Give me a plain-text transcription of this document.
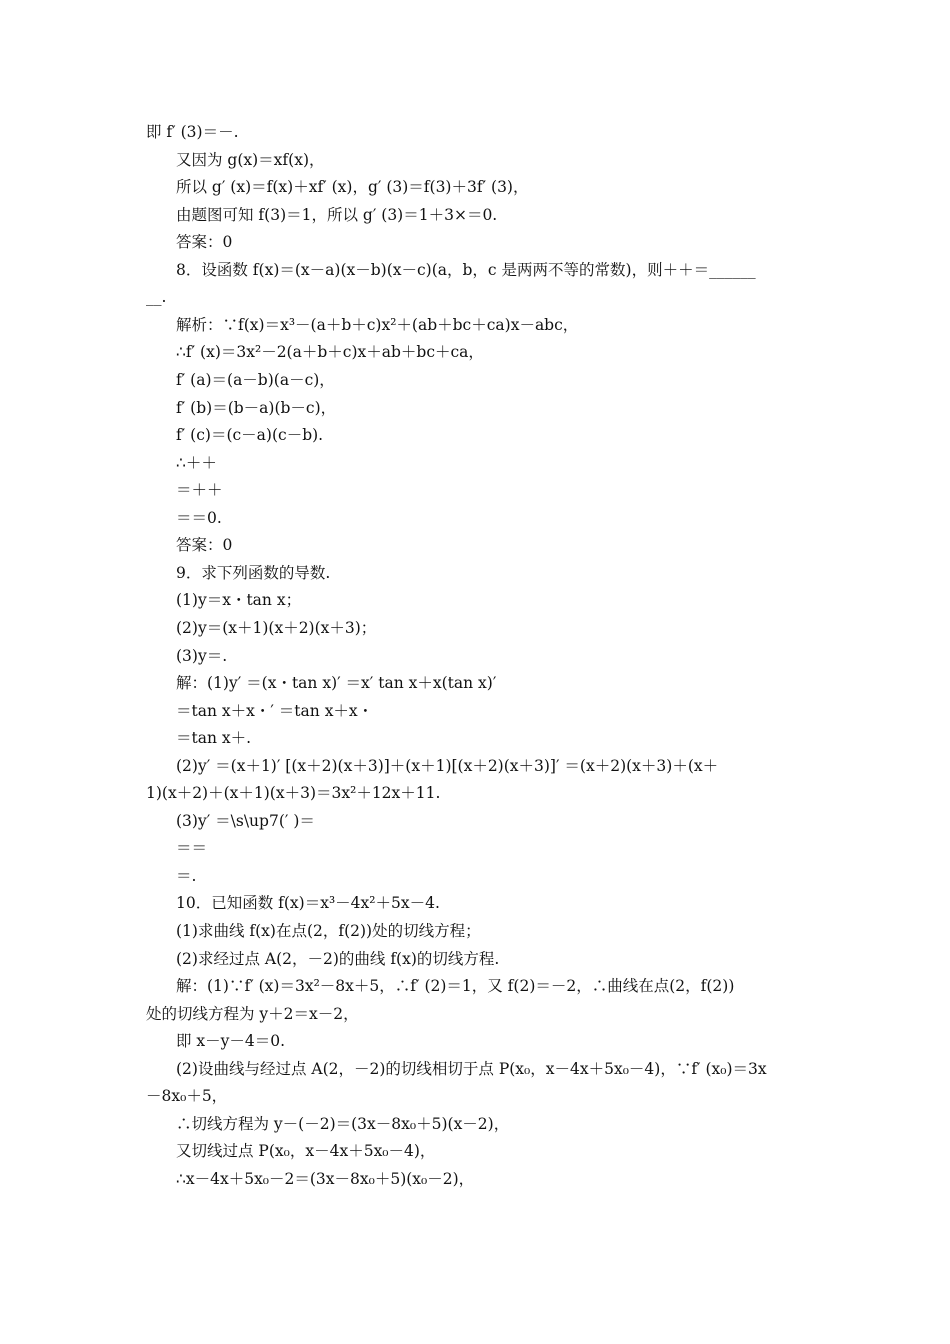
即 f′ (3)＝－.
又因为 g(x)＝xf(x)，
所以 g′ (x)＝f(x)＋xf′ (x)，g′ (3)＝f(3)＋3f′ (3)，
由题图可知 f(3)＝1，所以 g′ (3)＝1＋3×＝0.
答案：0
8．设函数 f(x)＝(x－a)(x－b)(x－c)(a，b，c 是两两不等的常数)，则＋＋＝______
__.
解析：∵f(x)＝x³－(a＋b＋c)x²＋(ab＋bc＋ca)x－abc，
∴f′ (x)＝3x²－2(a＋b＋c)x＋ab＋bc＋ca，
f′ (a)＝(a－b)(a－c)，
f′ (b)＝(b－a)(b－c)，
f′ (c)＝(c－a)(c－b).
∴＋＋
＝＋＋
＝＝0.
答案：0
9．求下列函数的导数.
(1)y＝x・tan x；
(2)y＝(x＋1)(x＋2)(x＋3)；
(3)y＝.
解：(1)y′ ＝(x・tan x)′ ＝x′ tan x＋x(tan x)′
＝tan x＋x・′ ＝tan x＋x・
＝tan x＋.
(2)y′ ＝(x＋1)′ [(x＋2)(x＋3)]＋(x＋1)[(x＋2)(x＋3)]′ ＝(x＋2)(x＋3)＋(x＋
1)(x＋2)＋(x＋1)(x＋3)＝3x²＋12x＋11.
(3)y′ ＝\s\up7(′ )＝
＝＝
＝.
10．已知函数 f(x)＝x³－4x²＋5x－4.
(1)求曲线 f(x)在点(2，f(2))处的切线方程；
(2)求经过点 A(2，－2)的曲线 f(x)的切线方程.
解：(1)∵f′ (x)＝3x²－8x＋5，∴f′ (2)＝1，又 f(2)＝－2，∴曲线在点(2，f(2))
处的切线方程为 y＋2＝x－2，
即 x－y－4＝0.
(2)设曲线与经过点 A(2，－2)的切线相切于点 P(x₀，x－4x＋5x₀－4)，∵f′ (x₀)＝3x
－8x₀＋5，
∴切线方程为 y－(－2)＝(3x－8x₀＋5)(x－2)，
又切线过点 P(x₀，x－4x＋5x₀－4)，
∴x－4x＋5x₀－2＝(3x－8x₀＋5)(x₀－2)，
